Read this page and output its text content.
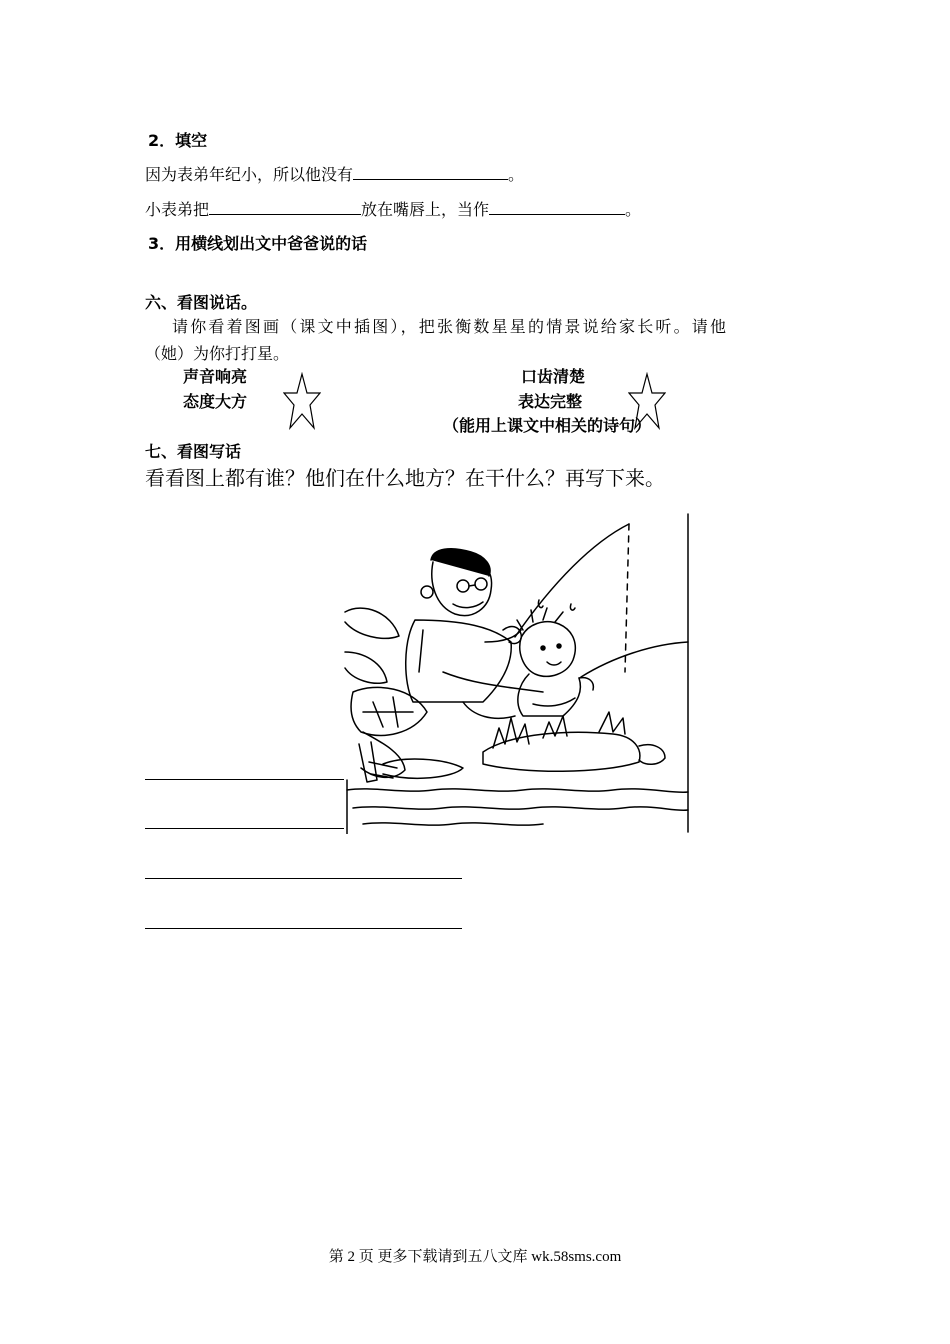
2．填空
因为表弟年纪小，所以他没有	。
小表弟把	放在嘴唇上，当作	。
3．用横线划出文中爸爸说的话
六、看图说话。
请你看着图画（课文中插图），把张衡数星星的情景说给家长听。请他
（她）为你打打星。
声音响亮
态度大方
口齿清楚
表达完整
（能用上课文中相关的诗句）
七、看图写话
看看图上都有谁？他们在什么地方？在干什么？再写下来。
第 2 页 更多下载请到五八文库 wk.58sms.com
